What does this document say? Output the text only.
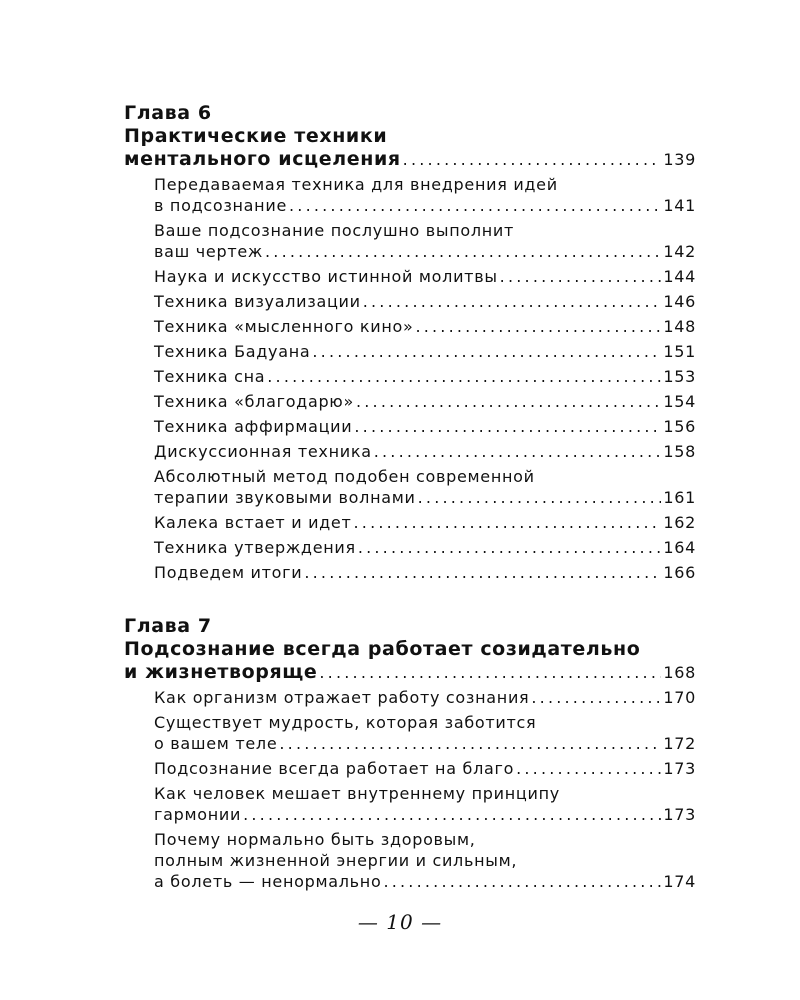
Глава 6
Практические техники
ментального исцеления .....	139
Передаваемая техника для внедрения идей
в подсознание .....	141
Ваше подсознание послушно выполнит
ваш чертеж .....	142
Наука и искусство истинной молитвы .....	144
Техника визуализации .....	146
Техника «мысленного кино» .....	148
Техника Бадуана .....	151
Техника сна .....	153
Техника «благодарю» .....	154
Техника аффирмации .....	156
Дискуссионная техника .....	158
Абсолютный метод подобен современной
терапии звуковыми волнами .....	161
Калека встает и идет .....	162
Техника утверждения .....	164
Подведем итоги .....	166
Глава 7
Подсознание всегда работает созидательно
и жизнетворяще .....	168
Как организм отражает работу сознания .....	170
Существует мудрость, которая заботится
о вашем теле .....	172
Подсознание всегда работает на благо .....	173
Как человек мешает внутреннему принципу
гармонии .....	173
Почему нормально быть здоровым,
полным жизненной энергии и сильным,
а болеть — ненормально .....	174
— 10 —
